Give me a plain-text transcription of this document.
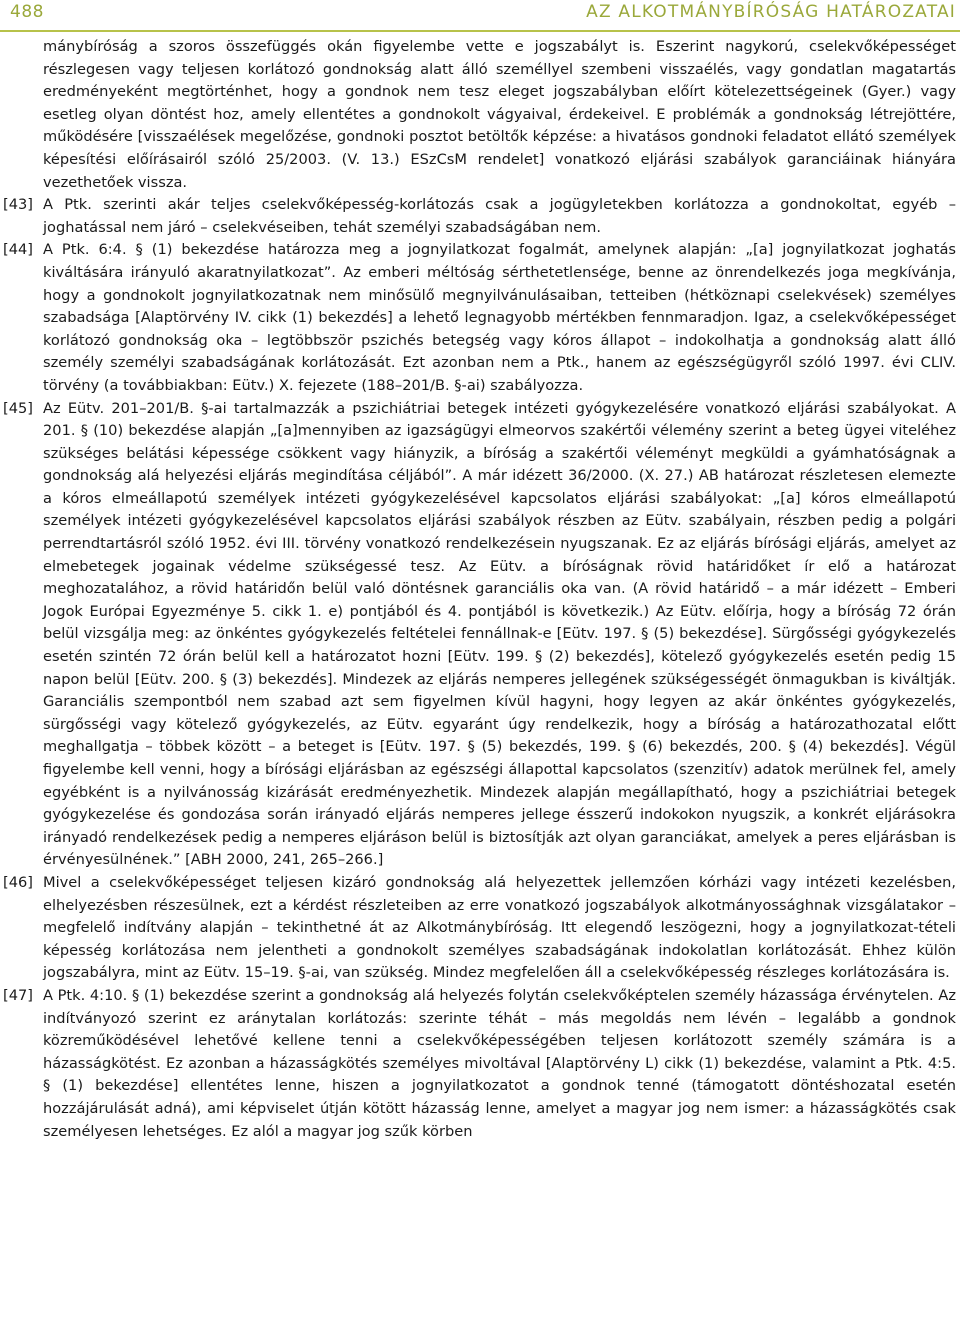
488	AZ ALKOTMÁNYBÍRÓSÁG HATÁROZATAI

mánybíróság a szoros összefüggés okán figyelembe vette e jogszabályt is. Eszerint nagykorú, cselekvőképességet részlegesen vagy teljesen korlátozó gondnokság alatt álló személlyel szembeni visszaélés, vagy gondatlan magatartás eredményeként megtörténhet, hogy a gondnok nem tesz eleget jogszabályban előírt kötelezettségeinek (Gyer.) vagy esetleg olyan döntést hoz, amely ellentétes a gondnokolt vágyaival, érdekeivel. E problémák a gondnokság létrejöttére, működésére [visszaélések megelőzése, gondnoki posztot betöltők képzése: a hivatásos gondnoki feladatot ellátó személyek képesítési előírásairól szóló 25/2003. (V. 13.) ESzCsM rendelet] vonatkozó eljárási szabályok garanciáinak hiányára vezethetőek vissza.

[43] A Ptk. szerinti akár teljes cselekvőképesség-korlátozás csak a jogügyletekben korlátozza a gondnokoltat, egyéb – joghatással nem járó – cselekvéseiben, tehát személyi szabadságában nem.

[44] A Ptk. 6:4. § (1) bekezdése határozza meg a jognyilatkozat fogalmát, amelynek alapján: „[a] jognyilatkozat joghatás kiváltására irányuló akaratnyilatkozat”. Az emberi méltóság sérthetetlensége, benne az önrendelkezés joga megkívánja, hogy a gondnokolt jognyilatkozatnak nem minősülő megnyilvánulásaiban, tetteiben (hétköznapi cselekvések) személyes szabadsága [Alaptörvény IV. cikk (1) bekezdés] a lehető legnagyobb mértékben fennmaradjon. Igaz, a cselekvőképességet korlátozó gondnokság oka – legtöbbször pszichés betegség vagy kóros állapot – indokolhatja a gondnokság alatt álló személy személyi szabadságának korlátozását. Ezt azonban nem a Ptk., hanem az egészségügyről szóló 1997. évi CLIV. törvény (a továbbiakban: Eütv.) X. fejezete (188–201/B. §-ai) szabályozza.

[45] Az Eütv. 201–201/B. §-ai tartalmazzák a pszichiátriai betegek intézeti gyógykezelésére vonatkozó eljárási szabályokat. A 201. § (10) bekezdése alapján „[a]mennyiben az igazságügyi elmeorvos szakértői vélemény szerint a beteg ügyei viteléhez szükséges belátási képessége csökkent vagy hiányzik, a bíróság a szakértői véleményt megküldi a gyámhatóságnak a gondnokság alá helyezési eljárás megindítása céljából”. A már idézett 36/2000. (X. 27.) AB határozat részletesen elemezte a kóros elmeállapotú személyek intézeti gyógykezelésével kapcsolatos eljárási szabályokat: „[a] kóros elmeállapotú személyek intézeti gyógykezelésével kapcsolatos eljárási szabályok részben az Eütv. szabályain, részben pedig a polgári perrendtartásról szóló 1952. évi III. törvény vonatkozó rendelkezésein nyugszanak. Ez az eljárás bírósági eljárás, amelyet az elmebetegek jogainak védelme szükségessé tesz. Az Eütv. a bíróságnak rövid határidőket ír elő a határozat meghozatalához, a rövid határidőn belül való döntésnek garanciális oka van. (A rövid határidő – a már idézett – Emberi Jogok Európai Egyezménye 5. cikk 1. e) pontjából és 4. pontjából is következik.) Az Eütv. előírja, hogy a bíróság 72 órán belül vizsgálja meg: az önkéntes gyógykezelés feltételei fennállnak-e [Eütv. 197. § (5) bekezdése]. Sürgősségi gyógykezelés esetén szintén 72 órán belül kell a határozatot hozni [Eütv. 199. § (2) bekezdés], kötelező gyógykezelés esetén pedig 15 napon belül [Eütv. 200. § (3) bekezdés]. Mindezek az eljárás nemperes jellegének szükségességét önmagukban is kiváltják. Garanciális szempontból nem szabad azt sem figyelmen kívül hagyni, hogy legyen az akár önkéntes gyógykezelés, sürgősségi vagy kötelező gyógykezelés, az Eütv. egyaránt úgy rendelkezik, hogy a bíróság a határozathozatal előtt meghallgatja – többek között – a beteget is [Eütv. 197. § (5) bekezdés, 199. § (6) bekezdés, 200. § (4) bekezdés]. Végül figyelembe kell venni, hogy a bírósági eljárásban az egészségi állapottal kapcsolatos (szenzitív) adatok merülnek fel, amely egyébként is a nyilvánosság kizárását eredményezhetik. Mindezek alapján megállapítható, hogy a pszichiátriai betegek gyógykezelése és gondozása során irányadó eljárás nemperes jellege ésszerű indokokon nyugszik, a konkrét eljárásokra irányadó rendelkezések pedig a nemperes eljáráson belül is biztosítják azt olyan garanciákat, amelyek a peres eljárásban is érvényesülnének.” [ABH 2000, 241, 265–266.]

[46] Mivel a cselekvőképességet teljesen kizáró gondnokság alá helyezettek jellemzően kórházi vagy intézeti kezelésben, elhelyezésben részesülnek, ezt a kérdést részleteiben az erre vonatkozó jogszabályok alkotmányossághnak vizsgálatakor – megfelelő indítvány alapján – tekinthetné át az Alkotmánybíróság. Itt elegendő leszögezni, hogy a jognyilatkozat-tételi képesség korlátozása nem jelentheti a gondnokolt személyes szabadságának indokolatlan korlátozását. Ehhez külön jogszabályra, mint az Eütv. 15–19. §-ai, van szükség. Mindez megfelelően áll a cselekvőképesség részleges korlátozására is.

[47] A Ptk. 4:10. § (1) bekezdése szerint a gondnokság alá helyezés folytán cselekvőképtelen személy házassága érvénytelen. Az indítványozó szerint ez aránytalan korlátozás: szerinte téhát – más megoldás nem lévén – legalább a gondnok közreműködésével lehetővé kellene tenni a cselekvőképességében teljesen korlátozott személy számára is a házasságkötést. Ez azonban a házasságkötés személyes mivoltával [Alaptörvény L) cikk (1) bekezdése, valamint a Ptk. 4:5. § (1) bekezdése] ellentétes lenne, hiszen a jognyilatkozatot a gondnok tenné (támogatott döntéshozatal esetén hozzájárulását adná), ami képviselet útján kötött házasság lenne, amelyet a magyar jog nem ismer: a házasságkötés csak személyesen lehetséges. Ez alól a magyar jog szűk körben
